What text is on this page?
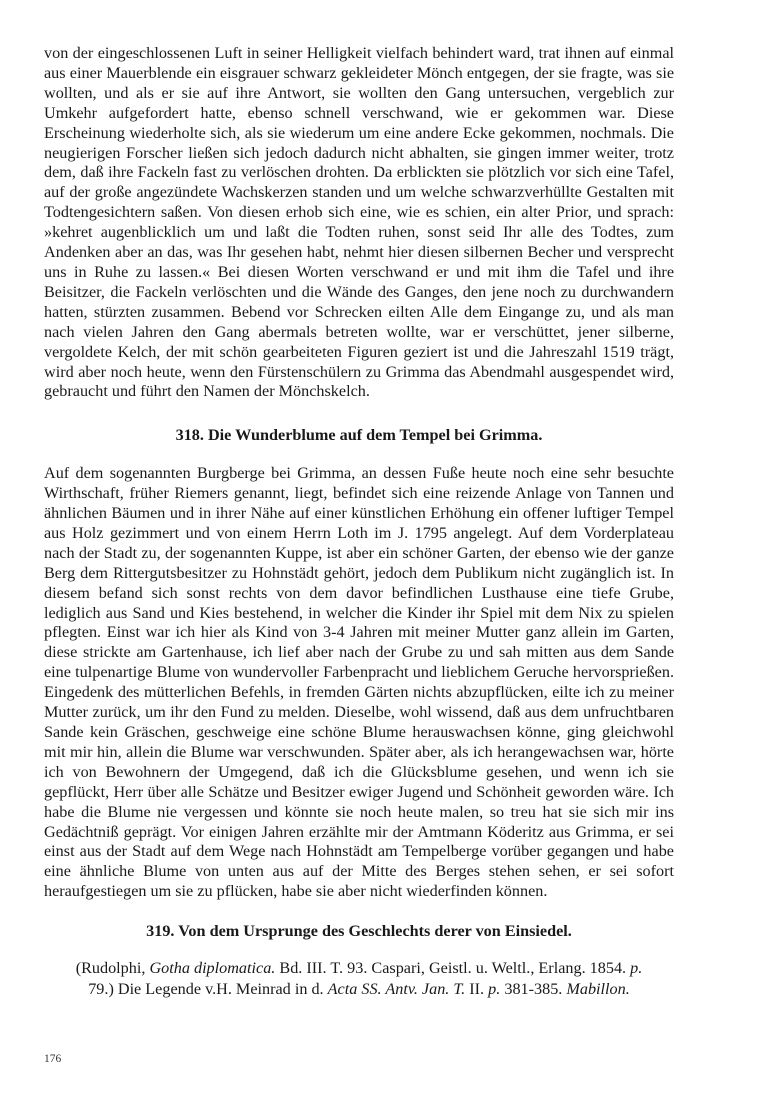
von der eingeschlossenen Luft in seiner Helligkeit vielfach behindert ward, trat ihnen auf einmal aus einer Mauerblende ein eisgrauer schwarz gekleideter Mönch entgegen, der sie fragte, was sie wollten, und als er sie auf ihre Antwort, sie wollten den Gang untersuchen, vergeblich zur Umkehr aufgefordert hatte, ebenso schnell verschwand, wie er gekommen war. Diese Erscheinung wiederholte sich, als sie wiederum um eine andere Ecke gekommen, nochmals. Die neugierigen Forscher ließen sich jedoch dadurch nicht abhalten, sie gingen immer weiter, trotz dem, daß ihre Fackeln fast zu verlöschen drohten. Da erblickten sie plötzlich vor sich eine Tafel, auf der große angezündete Wachskerzen standen und um welche schwarzverhüllte Gestalten mit Todtengesichtern saßen. Von diesen erhob sich eine, wie es schien, ein alter Prior, und sprach: »kehret augenblicklich um und laßt die Todten ruhen, sonst seid Ihr alle des Todtes, zum Andenken aber an das, was Ihr gesehen habt, nehmt hier diesen silbernen Becher und versprecht uns in Ruhe zu lassen.« Bei diesen Worten verschwand er und mit ihm die Tafel und ihre Beisitzer, die Fackeln verlöschten und die Wände des Ganges, den jene noch zu durchwandern hatten, stürzten zusammen. Bebend vor Schrecken eilten Alle dem Eingange zu, und als man nach vielen Jahren den Gang abermals betreten wollte, war er verschüttet, jener silberne, vergoldete Kelch, der mit schön gearbeiteten Figuren geziert ist und die Jahreszahl 1519 trägt, wird aber noch heute, wenn den Fürstenschülern zu Grimma das Abendmahl ausgespendet wird, gebraucht und führt den Namen der Mönchskelch.

318. Die Wunderblume auf dem Tempel bei Grimma.

Auf dem sogenannten Burgberge bei Grimma, an dessen Fuße heute noch eine sehr besuchte Wirthschaft, früher Riemers genannt, liegt, befindet sich eine reizende Anlage von Tannen und ähnlichen Bäumen und in ihrer Nähe auf einer künstlichen Erhöhung ein offener luftiger Tempel aus Holz gezimmert und von einem Herrn Loth im J. 1795 angelegt. Auf dem Vorderplateau nach der Stadt zu, der sogenannten Kuppe, ist aber ein schöner Garten, der ebenso wie der ganze Berg dem Rittergutsbesitzer zu Hohnstädt gehört, jedoch dem Publikum nicht zugänglich ist. In diesem befand sich sonst rechts von dem davor befindlichen Lusthause eine tiefe Grube, lediglich aus Sand und Kies bestehend, in welcher die Kinder ihr Spiel mit dem Nix zu spielen pflegten. Einst war ich hier als Kind von 3-4 Jahren mit meiner Mutter ganz allein im Garten, diese strickte am Gartenhause, ich lief aber nach der Grube zu und sah mitten aus dem Sande eine tulpenartige Blume von wundervoller Farbenpracht und lieblichem Geruche hervorsprießen. Eingedenk des mütterlichen Befehls, in fremden Gärten nichts abzupflücken, eilte ich zu meiner Mutter zurück, um ihr den Fund zu melden. Dieselbe, wohl wissend, daß aus dem unfruchtbaren Sande kein Gräschen, geschweige eine schöne Blume herauswachsen könne, ging gleichwohl mit mir hin, allein die Blume war verschwunden. Später aber, als ich herangewachsen war, hörte ich von Bewohnern der Umgegend, daß ich die Glücksblume gesehen, und wenn ich sie gepflückt, Herr über alle Schätze und Besitzer ewiger Jugend und Schönheit geworden wäre. Ich habe die Blume nie vergessen und könnte sie noch heute malen, so treu hat sie sich mir ins Gedächtniß geprägt. Vor einigen Jahren erzählte mir der Amtmann Köderitz aus Grimma, er sei einst aus der Stadt auf dem Wege nach Hohnstädt am Tempelberge vorüber gegangen und habe eine ähnliche Blume von unten aus auf der Mitte des Berges stehen sehen, er sei sofort heraufgestiegen um sie zu pflücken, habe sie aber nicht wiederfinden können.

319. Von dem Ursprunge des Geschlechts derer von Einsiedel.

(Rudolphi, Gotha diplomatica. Bd. III. T. 93. Caspari, Geistl. u. Weltl., Erlang. 1854. p. 79.) Die Legende v.H. Meinrad in d. Acta SS. Antv. Jan. T. II. p. 381-385. Mabillon.

176
